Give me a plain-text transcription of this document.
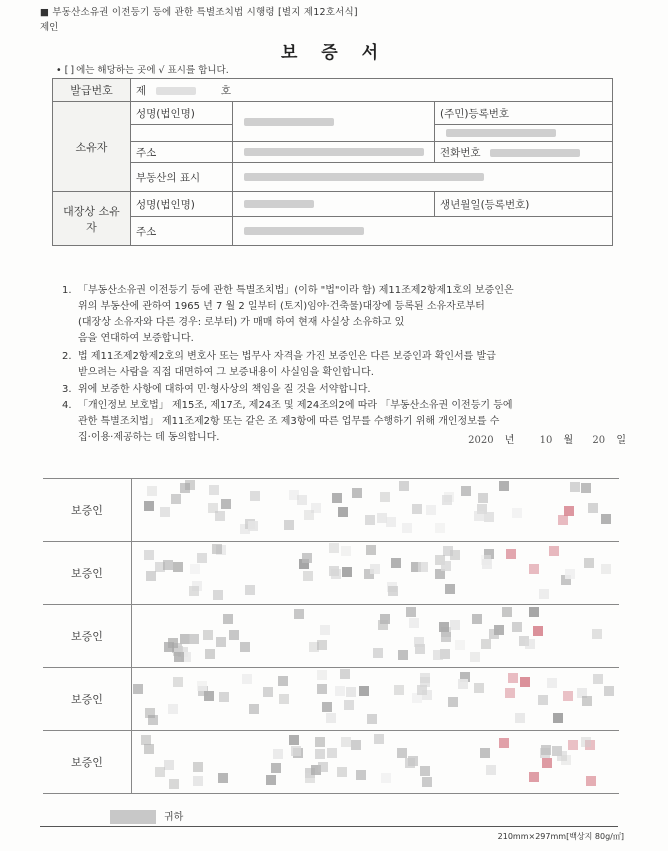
■ 부동산소유권 이전등기 등에 관한 특별조치법 시행령 [별지 제12호서식]
제인
보 증 서
• [ ] 에는 해당하는 곳에 √ 표시를 합니다.
발급번호	제 호		
소유자	성명(법인명)		(주민)등록번호

	주소		전화번호
	부동산의 표시		
대장상 소유자	성명(법인명)		생년월일(등록번호)
	주소		
1. 「부동산소유권 이전등기 등에 관한 특별조치법」(이하 "법"이라 함) 제11조제2항제1호의 보증인은
위의 부동산에 관하여 1965 년 7 월 2 일부터 (토지)임야·건축물)대장에 등록된 소유자로부터
(대장상 소유자와 다른 경우: 로부터) 가 매매 하여 현재 사실상 소유하고 있
음을 연대하여 보증합니다.
2. 법 제11조제2항제2호의 변호사 또는 법무사 자격을 가진 보증인은 다른 보증인과 확인서를 발급
받으려는 사람을 직접 대면하여 그 보증내용이 사실임을 확인합니다.
3. 위에 보증한 사항에 대하여 민·형사상의 책임을 질 것을 서약합니다.
4. 「개인정보 보호법」 제15조, 제17조, 제24조 및 제24조의2에 따라 「부동산소유권 이전등기 등에
관한 특별조치법」 제11조제2항 또는 같은 조 제3항에 따른 업무를 수행하기 위해 개인정보를 수
집·이용·제공하는 데 동의합니다.	2020 년	10 월 20 일
보증인	

보증인	

보증인	

보증인	

보증인	
귀하
210mm×297mm[백상지 80g/㎡]
